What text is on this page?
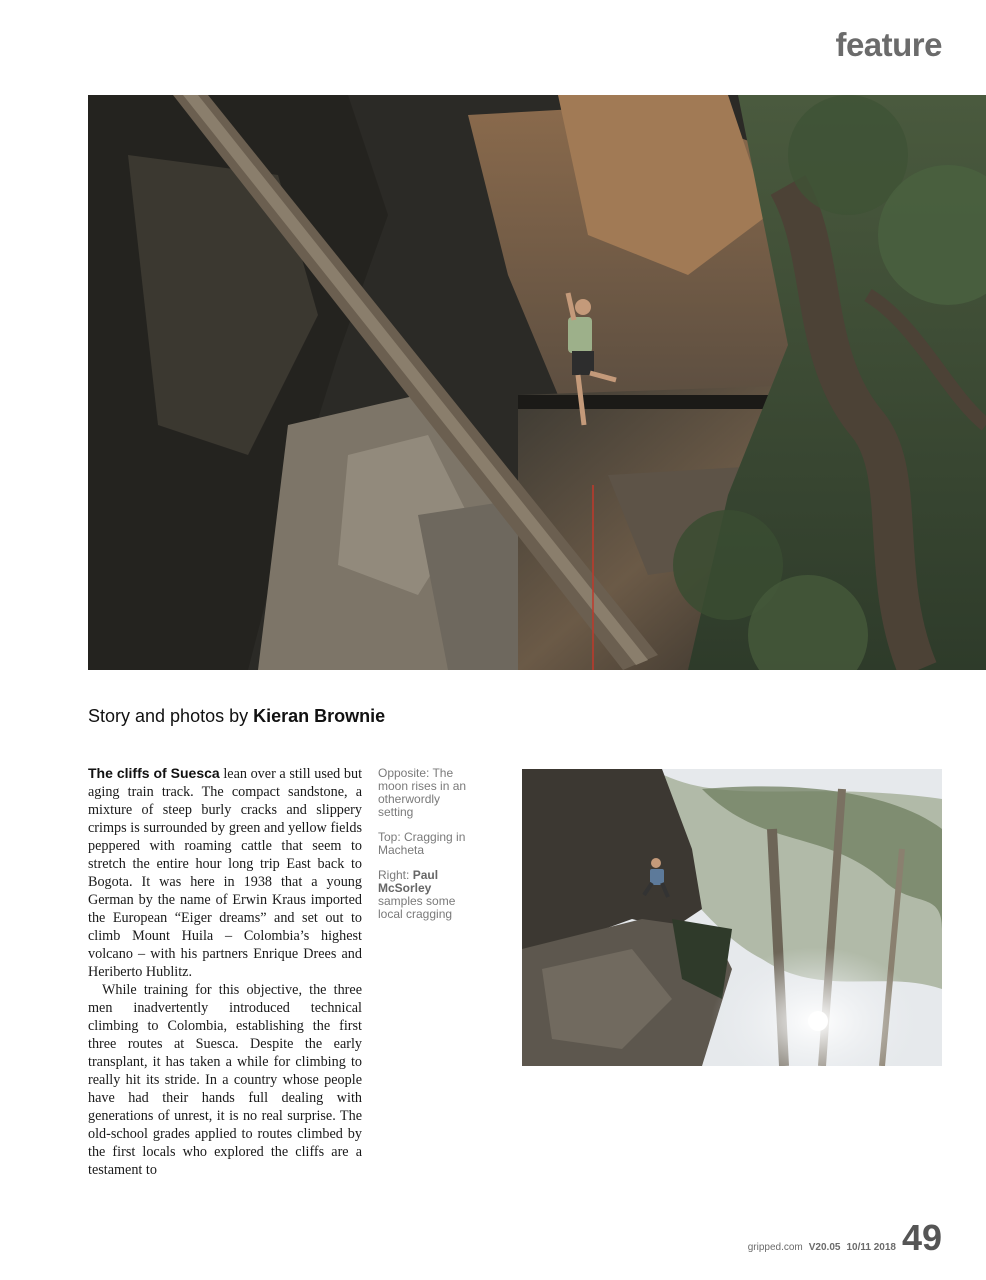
feature
Story and photos by Kieran Brownie

The cliffs of Suesca lean over a still used but aging train track. The compact sandstone, a mixture of steep burly cracks and slippery crimps is surrounded by green and yellow fields peppered with roaming cattle that seem to stretch the entire hour long trip East back to Bogota. It was here in 1938 that a young German by the name of Erwin Kraus imported the European “Eiger dreams” and set out to climb Mount Huila – Colombia’s highest volcano – with his partners Enrique Drees and Heriberto Hublitz.

While training for this objective, the three men inadvertently introduced technical climbing to Colombia, establishing the first three routes at Suesca. Despite the early transplant, it has taken a while for climbing to really hit its stride. In a country whose people have had their hands full dealing with generations of unrest, it is no real surprise. The old-school grades applied to routes climbed by the first locals who explored the cliffs are a testament to

Opposite: The moon rises in an otherwordly setting

Top: Cragging in Macheta

Right: Paul McSorley samples some local cragging

gripped.com V20.05 10/11 2018 49
